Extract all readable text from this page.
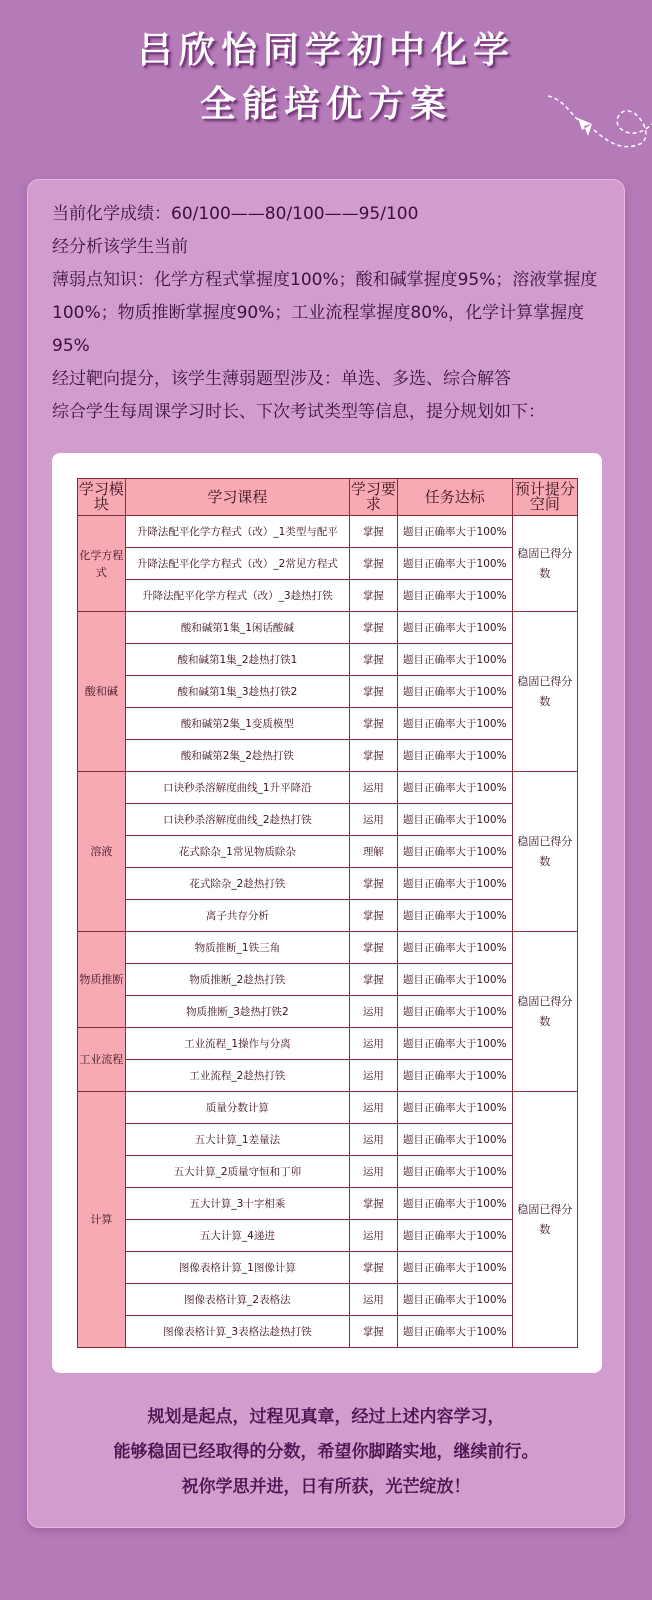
吕欣怡同学初中化学
全能培优方案

当前化学成绩：60/100——80/100——95/100

经分析该学生当前

薄弱点知识：化学方程式掌握度100%；酸和碱掌握度95%；溶液掌握度100%；物质推断掌握度90%；工业流程掌握度80%，化学计算掌握度95%

经过靶向提分，该学生薄弱题型涉及：单选、多选、综合解答

综合学生每周课学习时长、下次考试类型等信息，提分规划如下：

学习模块	学习课程	学习要求	任务达标	预计提分空间
化学方程式	升降法配平化学方程式（改）_1类型与配平	掌握	题目正确率大于100%	稳固已得分数
	升降法配平化学方程式（改）_2常见方程式	掌握	题目正确率大于100%	
	升降法配平化学方程式（改）_3趁热打铁	掌握	题目正确率大于100%	
酸和碱	酸和碱第1集_1闲话酸碱	掌握	题目正确率大于100%	稳固已得分数
	酸和碱第1集_2趁热打铁1	掌握	题目正确率大于100%	
	酸和碱第1集_3趁热打铁2	掌握	题目正确率大于100%	
	酸和碱第2集_1变质模型	掌握	题目正确率大于100%	
	酸和碱第2集_2趁热打铁	掌握	题目正确率大于100%	
溶液	口诀秒杀溶解度曲线_1升平降沿	运用	题目正确率大于100%	稳固已得分数
	口诀秒杀溶解度曲线_2趁热打铁	运用	题目正确率大于100%	
	花式除杂_1常见物质除杂	理解	题目正确率大于100%	
	花式除杂_2趁热打铁	掌握	题目正确率大于100%	
	离子共存分析	掌握	题目正确率大于100%	
物质推断	物质推断_1铁三角	掌握	题目正确率大于100%	稳固已得分数
	物质推断_2趁热打铁	掌握	题目正确率大于100%	
	物质推断_3趁热打铁2	运用	题目正确率大于100%	
工业流程	工业流程_1操作与分离	运用	题目正确率大于100%	
	工业流程_2趁热打铁	运用	题目正确率大于100%	
计算	质量分数计算	运用	题目正确率大于100%	稳固已得分数
	五大计算_1差量法	运用	题目正确率大于100%	
	五大计算_2质量守恒和丁卯	运用	题目正确率大于100%	
	五大计算_3十字相乘	掌握	题目正确率大于100%	
	五大计算_4递进	运用	题目正确率大于100%	
	图像表格计算_1图像计算	掌握	题目正确率大于100%	
	图像表格计算_2表格法	运用	题目正确率大于100%	
	图像表格计算_3表格法趁热打铁	掌握	题目正确率大于100%	

规划是起点，过程见真章，经过上述内容学习，

能够稳固已经取得的分数，希望你脚踏实地，继续前行。

祝你学思并进，日有所获，光芒绽放！
